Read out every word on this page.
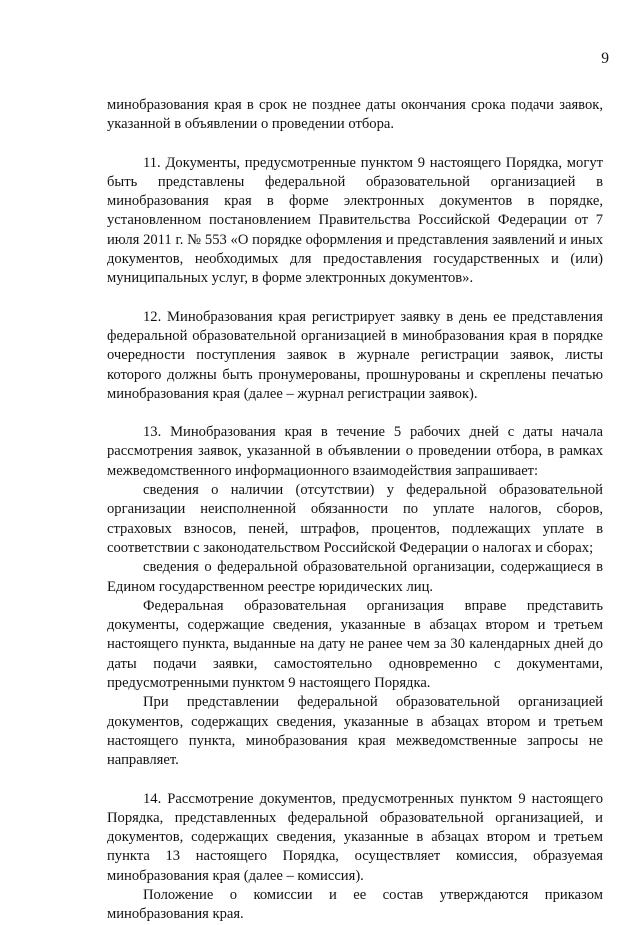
9

минобразования края в срок не позднее даты окончания срока подачи заявок, указанной в объявлении о проведении отбора.

11. Документы, предусмотренные пунктом 9 настоящего Порядка, могут быть представлены федеральной образовательной организацией в минобразования края в форме электронных документов в порядке, установленном постановлением Правительства Российской Федерации от 7 июля 2011 г. № 553 «О порядке оформления и представления заявлений и иных документов, необходимых для предоставления государственных и (или) муниципальных услуг, в форме электронных документов».

12. Минобразования края регистрирует заявку в день ее представления федеральной образовательной организацией в минобразования края в порядке очередности поступления заявок в журнале регистрации заявок, листы которого должны быть пронумерованы, прошнурованы и скреплены печатью минобразования края (далее – журнал регистрации заявок).

13. Минобразования края в течение 5 рабочих дней с даты начала рассмотрения заявок, указанной в объявлении о проведении отбора, в рамках межведомственного информационного взаимодействия запрашивает:

сведения о наличии (отсутствии) у федеральной образовательной организации неисполненной обязанности по уплате налогов, сборов, страховых взносов, пеней, штрафов, процентов, подлежащих уплате в соответствии с законодательством Российской Федерации о налогах и сборах;

сведения о федеральной образовательной организации, содержащиеся в Едином государственном реестре юридических лиц.

Федеральная образовательная организация вправе представить документы, содержащие сведения, указанные в абзацах втором и третьем настоящего пункта, выданные на дату не ранее чем за 30 календарных дней до даты подачи заявки, самостоятельно одновременно с документами, предусмотренными пунктом 9 настоящего Порядка.

При представлении федеральной образовательной организацией документов, содержащих сведения, указанные в абзацах втором и третьем настоящего пункта, минобразования края межведомственные запросы не направляет.

14. Рассмотрение документов, предусмотренных пунктом 9 настоящего Порядка, представленных федеральной образовательной организацией, и документов, содержащих сведения, указанные в абзацах втором и третьем пункта 13 настоящего Порядка, осуществляет комиссия, образуемая минобразования края (далее – комиссия).

Положение о комиссии и ее состав утверждаются приказом минобразования края.
